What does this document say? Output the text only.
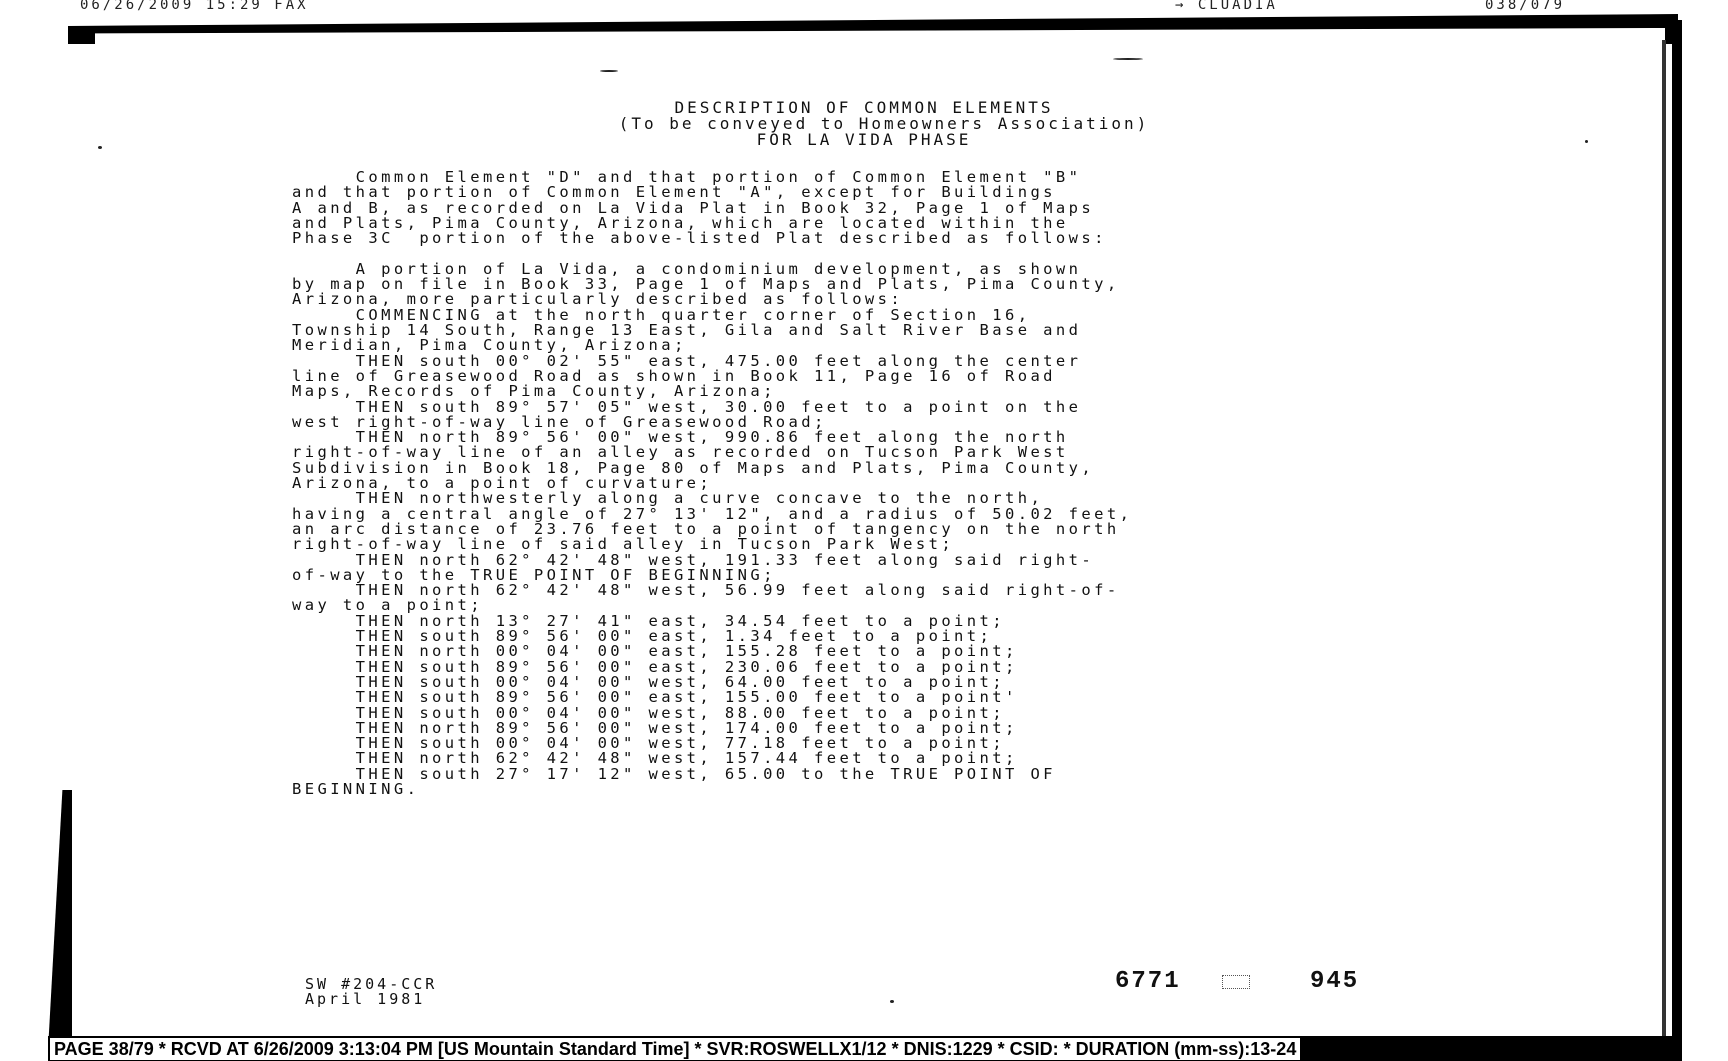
06/26/2009 15:29 FAX	→ CLUADIA	038/079
DESCRIPTION OF COMMON ELEMENTS
(To be conveyed to Homeowners Association)
FOR LA VIDA PHASE
Common Element "D" and that portion of Common Element "B"
and that portion of Common Element "A", except for Buildings
A and B, as recorded on La Vida Plat in Book 32, Page 1 of Maps
and Plats, Pima County, Arizona, which are located within the
Phase 3C  portion of the above-listed Plat described as follows:
A portion of La Vida, a condominium development, as shown
by map on file in Book 33, Page 1 of Maps and Plats, Pima County,
Arizona, more particularly described as follows:
COMMENCING at the north quarter corner of Section 16,
Township 14 South, Range 13 East, Gila and Salt River Base and
Meridian, Pima County, Arizona;
THEN south 00° 02' 55" east, 475.00 feet along the center
line of Greasewood Road as shown in Book 11, Page 16 of Road
Maps, Records of Pima County, Arizona;
THEN south 89° 57' 05" west, 30.00 feet to a point on the
west right-of-way line of Greasewood Road;
THEN north 89° 56' 00" west, 990.86 feet along the north
right-of-way line of an alley as recorded on Tucson Park West
Subdivision in Book 18, Page 80 of Maps and Plats, Pima County,
Arizona, to a point of curvature;
THEN northwesterly along a curve concave to the north,
having a central angle of 27° 13' 12", and a radius of 50.02 feet,
an arc distance of 23.76 feet to a point of tangency on the north
right-of-way line of said alley in Tucson Park West;
THEN north 62° 42' 48" west, 191.33 feet along said right-
of-way to the TRUE POINT OF BEGINNING;
THEN north 62° 42' 48" west, 56.99 feet along said right-of-
way to a point;
THEN north 13° 27' 41" east, 34.54 feet to a point;
THEN south 89° 56' 00" east, 1.34 feet to a point;
THEN north 00° 04' 00" east, 155.28 feet to a point;
THEN south 89° 56' 00" east, 230.06 feet to a point;
THEN south 00° 04' 00" west, 64.00 feet to a point;
THEN south 89° 56' 00" east, 155.00 feet to a point'
THEN south 00° 04' 00" west, 88.00 feet to a point;
THEN north 89° 56' 00" west, 174.00 feet to a point;
THEN south 00° 04' 00" west, 77.18 feet to a point;
THEN north 62° 42' 48" west, 157.44 feet to a point;
THEN south 27° 17' 12" west, 65.00 to the TRUE POINT OF
BEGINNING.
SW #204-CCR
April 1981
6771	945
PAGE 38/79 * RCVD AT 6/26/2009 3:13:04 PM [US Mountain Standard Time] * SVR:ROSWELLX1/12 * DNIS:1229 * CSID: * DURATION (mm-ss):13-24
